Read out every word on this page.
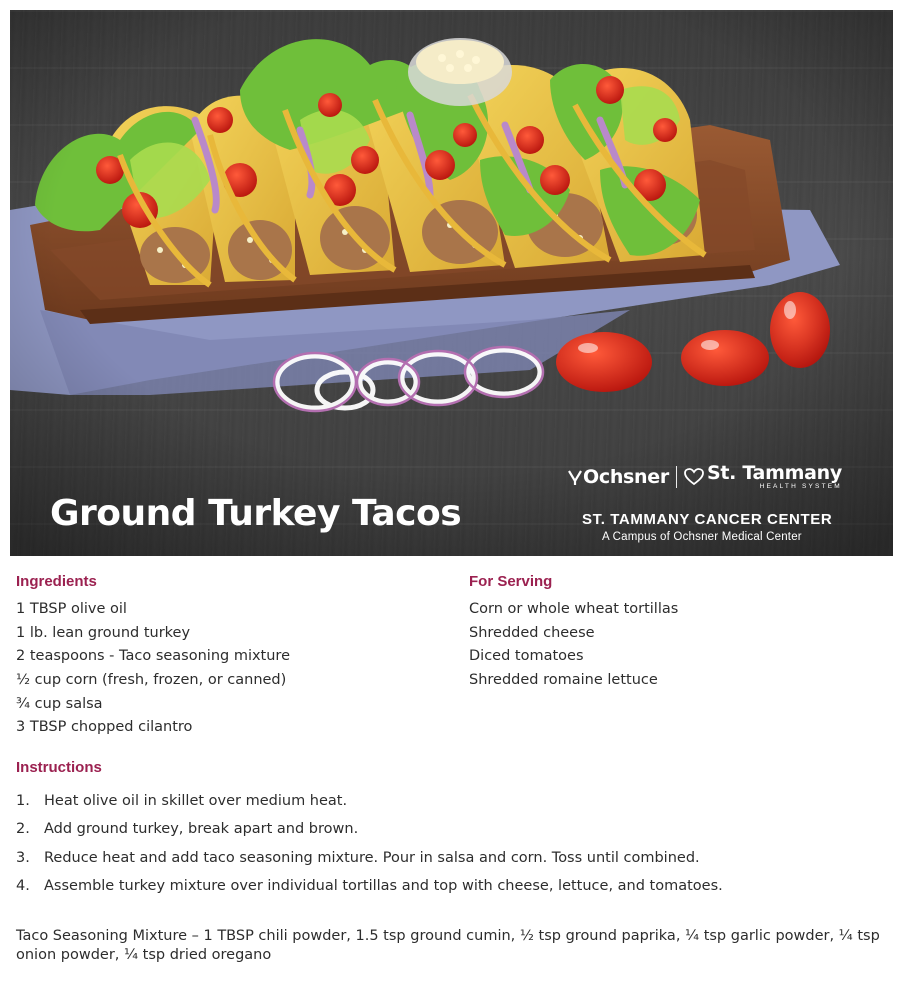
Ground Turkey Tacos
Ochsner St. Tammany
HEALTH SYSTEM
ST. TAMMANY CANCER CENTER
A Campus of Ochsner Medical Center
Ingredients
1 TBSP olive oil
1 lb. lean ground turkey
2 teaspoons - Taco seasoning mixture
½ cup corn (fresh, frozen, or canned)
¾ cup salsa
3 TBSP chopped cilantro
For Serving
Corn or whole wheat tortillas
Shredded cheese
Diced tomatoes
Shredded romaine lettuce
Instructions
1. Heat olive oil in skillet over medium heat.
2. Add ground turkey, break apart and brown.
3. Reduce heat and add taco seasoning mixture. Pour in salsa and corn. Toss until combined.
4. Assemble turkey mixture over individual tortillas and top with cheese, lettuce, and tomatoes.

Taco Seasoning Mixture – 1 TBSP chili powder, 1.5 tsp ground cumin, ½ tsp ground paprika, ¼ tsp garlic powder, ¼ tsp onion powder, ¼ tsp dried oregano
